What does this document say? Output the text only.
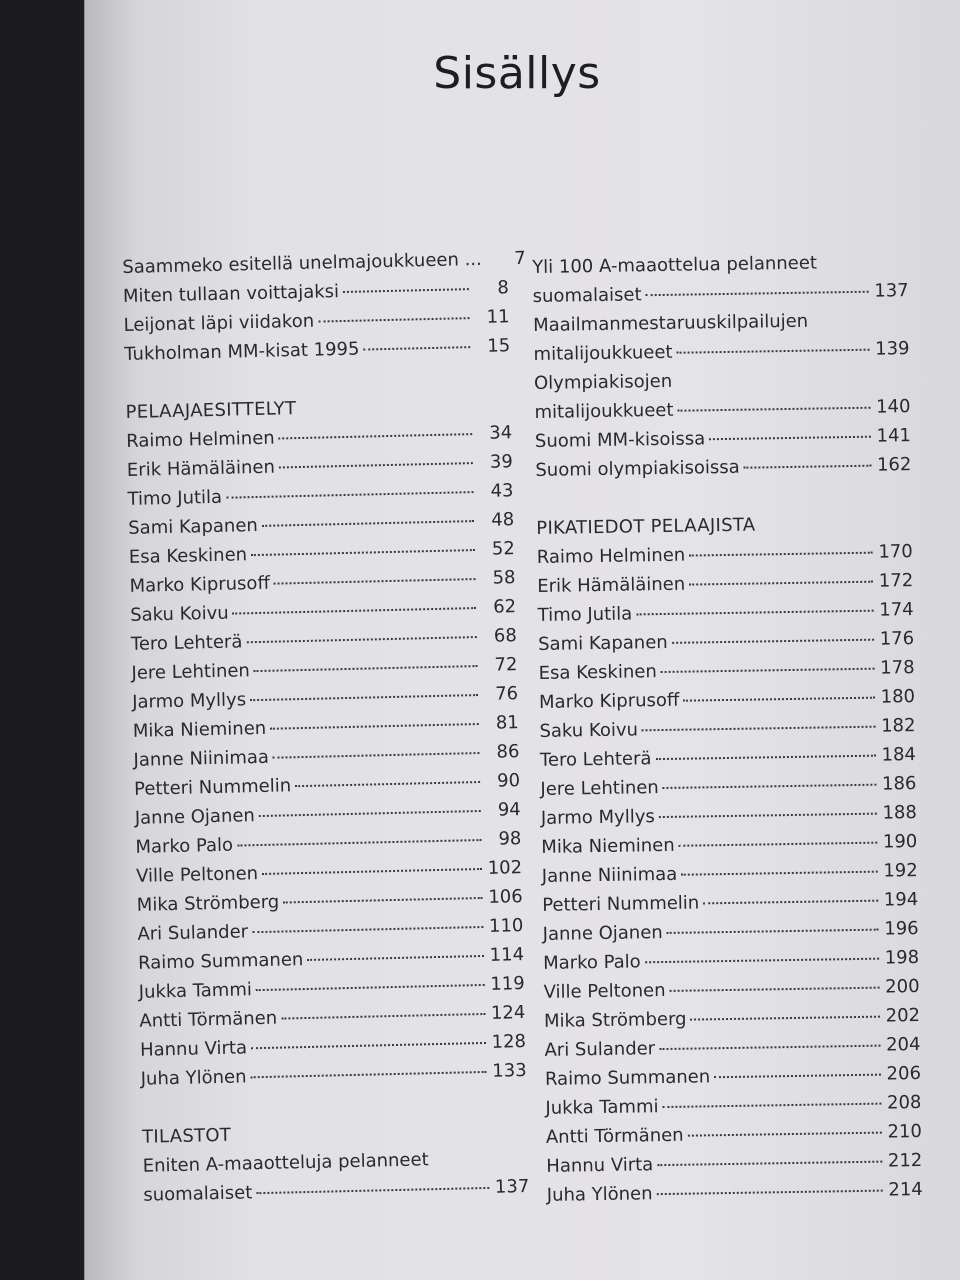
Sisällys
Saammeko esitellä unelmajoukkueen ...	7
Miten tullaan voittajaksi	8
Leijonat läpi viidakon	11
Tukholman MM-kisat 1995	15
PELAAJAESITTELYT
Raimo Helminen	34
Erik Hämäläinen	39
Timo Jutila	43
Sami Kapanen	48
Esa Keskinen	52
Marko Kiprusoff	58
Saku Koivu	62
Tero Lehterä	68
Jere Lehtinen	72
Jarmo Myllys	76
Mika Nieminen	81
Janne Niinimaa	86
Petteri Nummelin	90
Janne Ojanen	94
Marko Palo	98
Ville Peltonen	102
Mika Strömberg	106
Ari Sulander	110
Raimo Summanen	114
Jukka Tammi	119
Antti Törmänen	124
Hannu Virta	128
Juha Ylönen	133
TILASTOT
Eniten A-maaotteluja pelanneet
suomalaiset	137
Yli 100 A-maaottelua pelanneet
suomalaiset	137
Maailmanmestaruuskilpailujen
mitalijoukkueet	139
Olympiakisojen
mitalijoukkueet	140
Suomi MM-kisoissa	141
Suomi olympiakisoissa	162
PIKATIEDOT PELAAJISTA
Raimo Helminen	170
Erik Hämäläinen	172
Timo Jutila	174
Sami Kapanen	176
Esa Keskinen	178
Marko Kiprusoff	180
Saku Koivu	182
Tero Lehterä	184
Jere Lehtinen	186
Jarmo Myllys	188
Mika Nieminen	190
Janne Niinimaa	192
Petteri Nummelin	194
Janne Ojanen	196
Marko Palo	198
Ville Peltonen	200
Mika Strömberg	202
Ari Sulander	204
Raimo Summanen	206
Jukka Tammi	208
Antti Törmänen	210
Hannu Virta	212
Juha Ylönen	214
